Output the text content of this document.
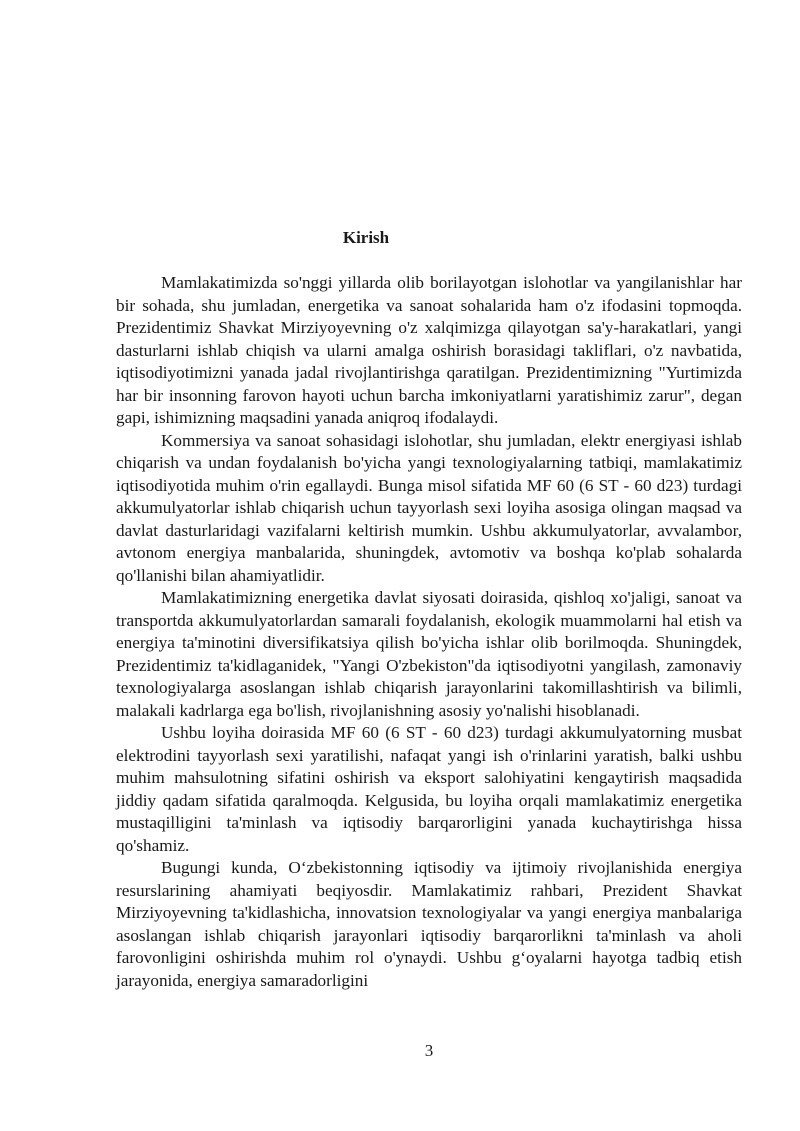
Kirish

Mamlakatimizda so'nggi yillarda olib borilayotgan islohotlar va yangilanishlar har bir sohada, shu jumladan, energetika va sanoat sohalarida ham o'z ifodasini topmoqda. Prezidentimiz Shavkat Mirziyoyevning o'z xalqimizga qilayotgan sa'y-harakatlari, yangi dasturlarni ishlab chiqish va ularni amalga oshirish borasidagi takliflari, o'z navbatida, iqtisodiyotimizni yanada jadal rivojlantirishga qaratilgan. Prezidentimizning "Yurtimizda har bir insonning farovon hayoti uchun barcha imkoniyatlarni yaratishimiz zarur", degan gapi, ishimizning maqsadini yanada aniqroq ifodalaydi.

Kommersiya va sanoat sohasidagi islohotlar, shu jumladan, elektr energiyasi ishlab chiqarish va undan foydalanish bo'yicha yangi texnologiyalarning tatbiqi, mamlakatimiz iqtisodiyotida muhim o'rin egallaydi. Bunga misol sifatida MF 60 (6 ST - 60 d23) turdagi akkumulyatorlar ishlab chiqarish uchun tayyorlash sexi loyiha asosiga olingan maqsad va davlat dasturlaridagi vazifalarni keltirish mumkin. Ushbu akkumulyatorlar, avvalambor, avtonom energiya manbalarida, shuningdek, avtomotiv va boshqa ko'plab sohalarda qo'llanishi bilan ahamiyatlidir.

Mamlakatimizning energetika davlat siyosati doirasida, qishloq xo'jaligi, sanoat va transportda akkumulyatorlardan samarali foydalanish, ekologik muammolarni hal etish va energiya ta'minotini diversifikatsiya qilish bo'yicha ishlar olib borilmoqda. Shuningdek, Prezidentimiz ta'kidlaganidek, "Yangi O'zbekiston"da iqtisodiyotni yangilash, zamonaviy texnologiyalarga asoslangan ishlab chiqarish jarayonlarini takomillashtirish va bilimli, malakali kadrlarga ega bo'lish, rivojlanishning asosiy yo'nalishi hisoblanadi.

Ushbu loyiha doirasida MF 60 (6 ST - 60 d23) turdagi akkumulyatorning musbat elektrodini tayyorlash sexi yaratilishi, nafaqat yangi ish o'rinlarini yaratish, balki ushbu muhim mahsulotning sifatini oshirish va eksport salohiyatini kengaytirish maqsadida jiddiy qadam sifatida qaralmoqda. Kelgusida, bu loyiha orqali mamlakatimiz energetika mustaqilligini ta'minlash va iqtisodiy barqarorligini yanada kuchaytirishga hissa qo'shamiz.

Bugungi kunda, O‘zbekistonning iqtisodiy va ijtimoiy rivojlanishida energiya resurslarining ahamiyati beqiyosdir. Mamlakatimiz rahbari, Prezident Shavkat Mirziyoyevning ta'kidlashicha, innovatsion texnologiyalar va yangi energiya manbalariga asoslangan ishlab chiqarish jarayonlari iqtisodiy barqarorlikni ta'minlash va aholi farovonligini oshirishda muhim rol o'ynaydi. Ushbu g‘oyalarni hayotga tadbiq etish jarayonida, energiya samaradorligini

3
